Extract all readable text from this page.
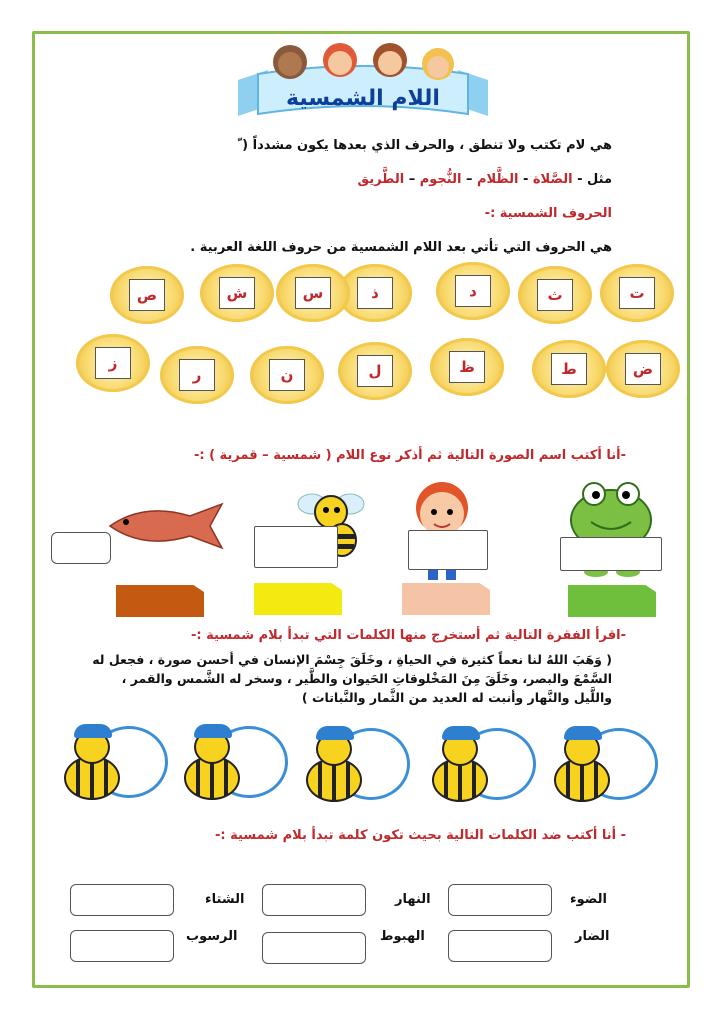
اللام الشمسية
هي لام تكتب ولا تنطق ، والحرف الذي بعدها يكون مشدداً ( ّ
مثل - الصَّلاة - الظَّلام – النُّجوم – الطَّريق
الحروف الشمسية :-
هي الحروف التي تأتي بعد اللام الشمسية من حروف اللغة العربية .
ت
ث
د
ذ
س
ش
ص
ض
ط
ظ
ل
ن
ر
ز
-أنا أكتب اسم الصورة التالية ثم أذكر نوع اللام ( شمسية – قمرية ) :-
-اقرأ الفقرة التالية ثم أستخرج منها الكلمات التي تبدأ بلام شمسية :-
( وَهَبَ اللهُ لنا نعماً كثيرة في الحياةِ ، وخَلَقَ جِسْمَ الإنسان في أحسن صورة ، فجعل له السَّمْعَ والبصر، وخَلَقَ مِنَ المَخْلوقاتِ الحَيوان والطَّير ، وسخر له الشَّمس والقمر ، واللَّيل والنَّهار وأنبت له العديد من الثَّمار والنَّباتات )
- أنا أكتب ضد الكلمات التالية بحيث تكون كلمة تبدأ بلام شمسية :-
الضوء
النهار
الشتاء
الضار
الهبوط
الرسوب
